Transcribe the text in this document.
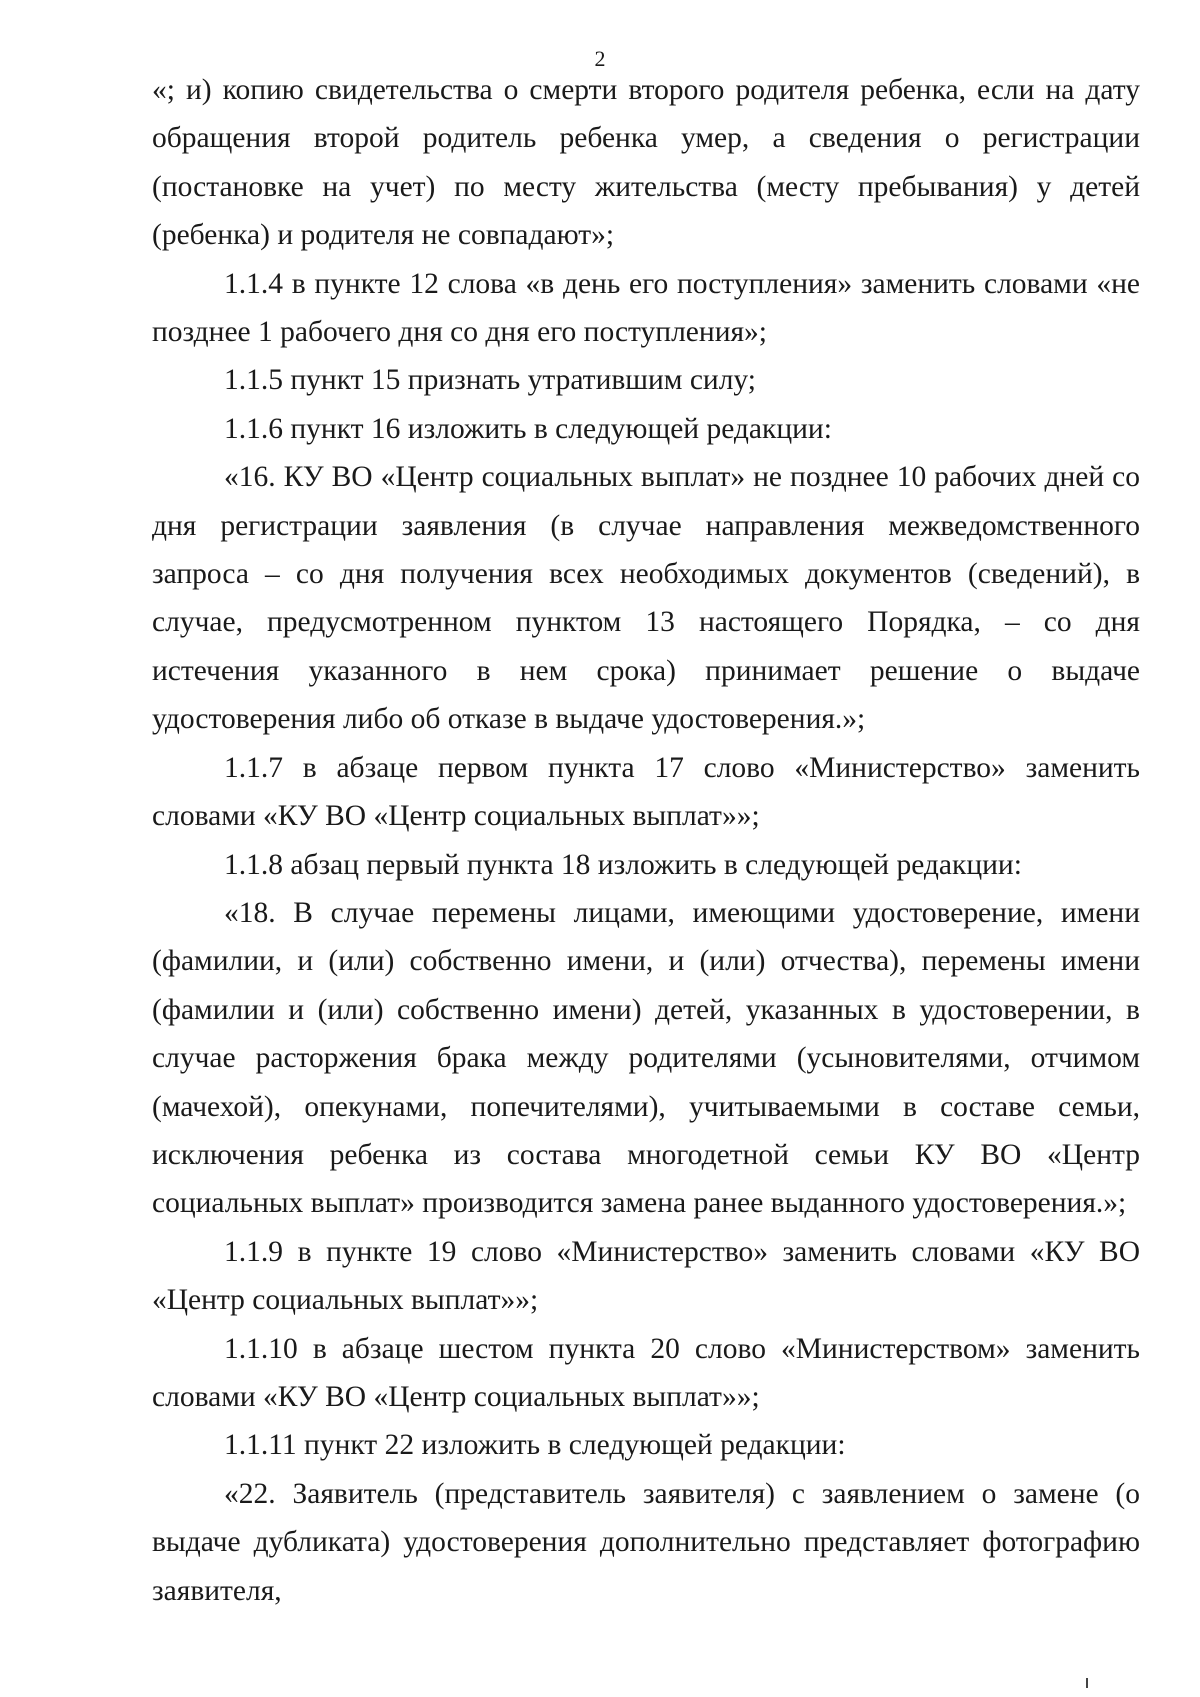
2

«; и) копию свидетельства о смерти второго родителя ребенка, если на дату обращения второй родитель ребенка умер, а сведения о регистрации (постановке на учет) по месту жительства (месту пребывания) у детей (ребенка) и родителя не совпадают»;

1.1.4 в пункте 12 слова «в день его поступления» заменить словами «не позднее 1 рабочего дня со дня его поступления»;

1.1.5 пункт 15 признать утратившим силу;

1.1.6 пункт 16 изложить в следующей редакции:

«16. КУ ВО «Центр социальных выплат» не позднее 10 рабочих дней со дня регистрации заявления (в случае направления межведомственного запроса – со дня получения всех необходимых документов (сведений), в случае, предусмотренном пунктом 13 настоящего Порядка, – со дня истечения указанного в нем срока) принимает решение о выдаче удостоверения либо об отказе в выдаче удостоверения.»;

1.1.7 в абзаце первом пункта 17 слово «Министерство» заменить словами «КУ ВО «Центр социальных выплат»»;

1.1.8 абзац первый пункта 18 изложить в следующей редакции:

«18. В случае перемены лицами, имеющими удостоверение, имени (фамилии, и (или) собственно имени, и (или) отчества), перемены имени (фамилии и (или) собственно имени) детей, указанных в удостоверении, в случае расторжения брака между родителями (усыновителями, отчимом (мачехой), опекунами, попечителями), учитываемыми в составе семьи, исключения ребенка из состава многодетной семьи КУ ВО «Центр социальных выплат» производится замена ранее выданного удостоверения.»;

1.1.9 в пункте 19 слово «Министерство» заменить словами «КУ ВО «Центр социальных выплат»»;

1.1.10 в абзаце шестом пункта 20 слово «Министерством» заменить словами «КУ ВО «Центр социальных выплат»»;

1.1.11 пункт 22 изложить в следующей редакции:

«22. Заявитель (представитель заявителя) с заявлением о замене (о выдаче дубликата) удостоверения дополнительно представляет фотографию заявителя,
